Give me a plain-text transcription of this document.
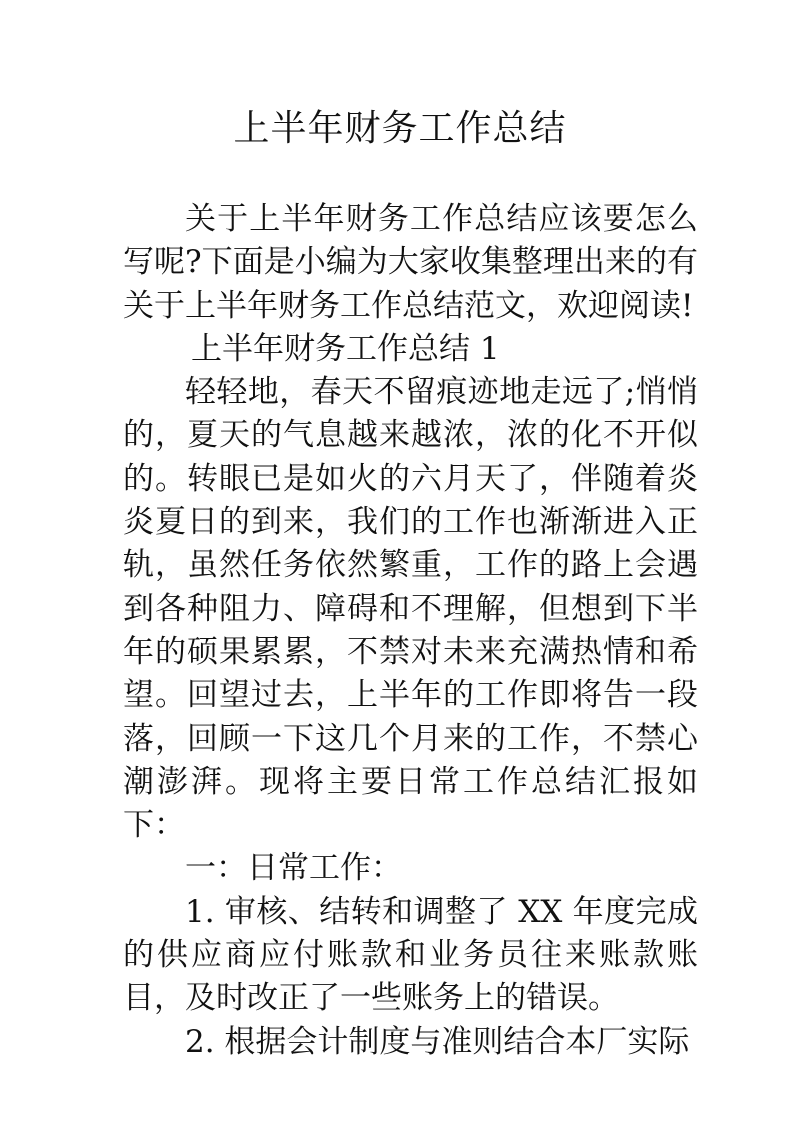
上半年财务工作总结

关于上半年财务工作总结应该要怎么写呢?下面是小编为大家收集整理出来的有关于上半年财务工作总结范文，欢迎阅读!

上半年财务工作总结 1

轻轻地，春天不留痕迹地走远了;悄悄的，夏天的气息越来越浓，浓的化不开似的。转眼已是如火的六月天了，伴随着炎炎夏日的到来，我们的工作也渐渐进入正轨，虽然任务依然繁重，工作的路上会遇到各种阻力、障碍和不理解，但想到下半年的硕果累累，不禁对未来充满热情和希望。回望过去，上半年的工作即将告一段落，回顾一下这几个月来的工作，不禁心潮澎湃。现将主要日常工作总结汇报如下：

一：日常工作：

1. 审核、结转和调整了 XX 年度完成的供应商应付账款和业务员往来账款账目，及时改正了一些账务上的错误。

2. 根据会计制度与准则结合本厂实际
